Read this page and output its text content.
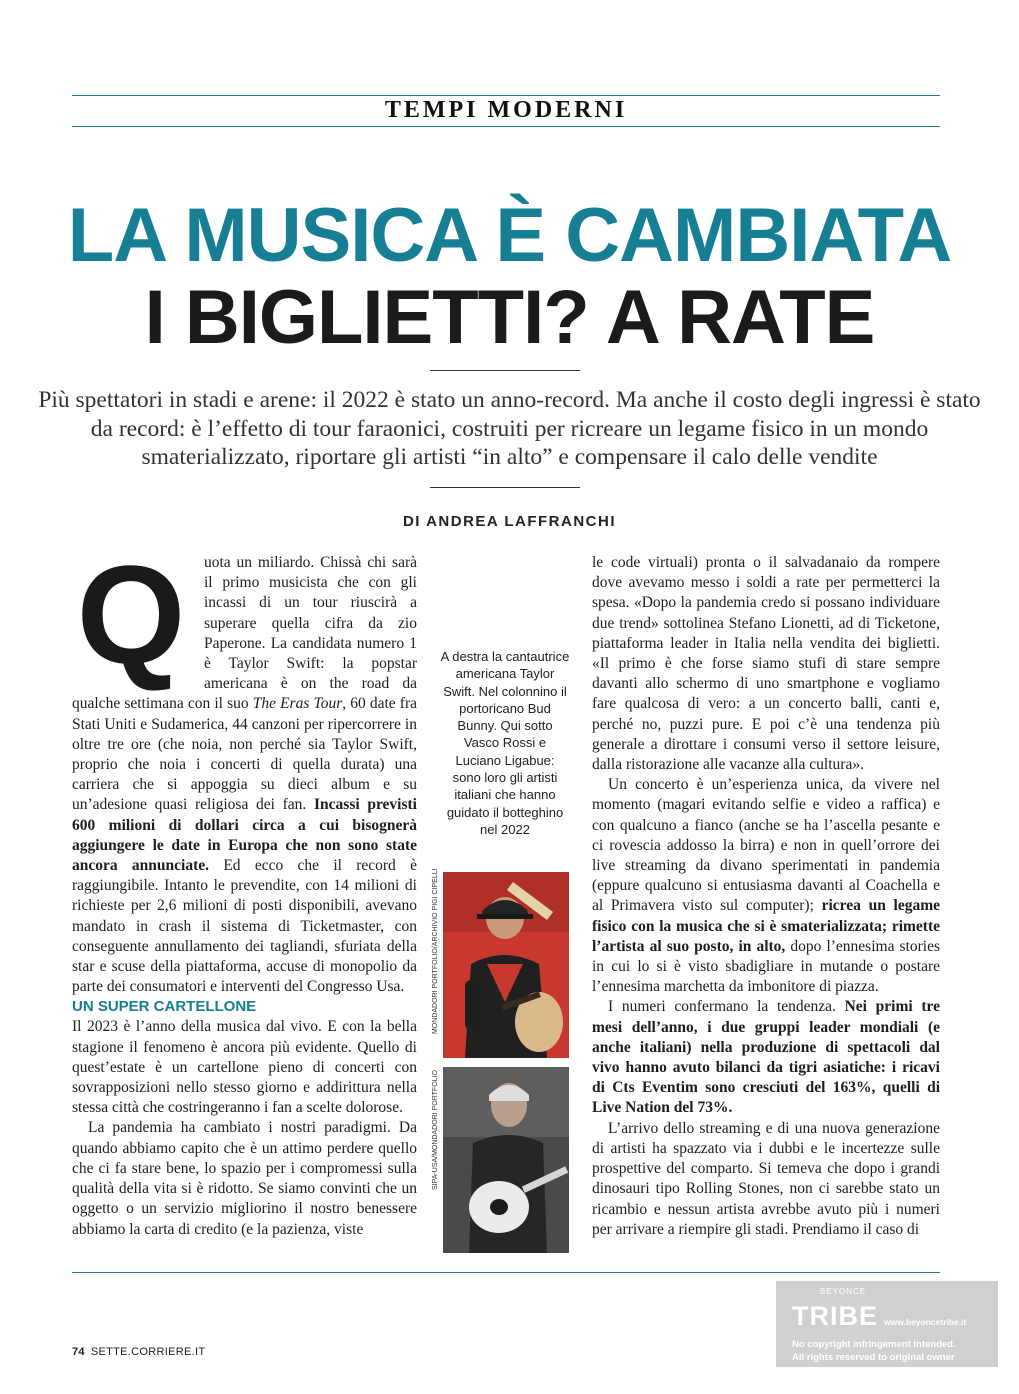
TEMPI MODERNI
LA MUSICA È CAMBIATA
I BIGLIETTI? A RATE
Più spettatori in stadi e arene: il 2022 è stato un anno-record. Ma anche il costo degli ingressi è stato da record: è l’effetto di tour faraonici, costruiti per ricreare un legame fisico in un mondo smaterializzato, riportare gli artisti “in alto” e compensare il calo delle vendite
DI ANDREA LAFFRANCHI

Q uota un miliardo. Chissà chi sarà il primo musicista che con gli incassi di un tour riuscirà a superare quella cifra da zio Paperone. La candidata numero 1 è Taylor Swift: la popstar americana è on the road da qualche settimana con il suo The Eras Tour, 60 date fra Stati Uniti e Sudamerica, 44 canzoni per ripercorrere in oltre tre ore (che noia, non perché sia Taylor Swift, proprio che noia i concerti di quella durata) una carriera che si appoggia su dieci album e su un’adesione quasi religiosa dei fan. Incassi previsti 600 milioni di dollari circa a cui bisognerà aggiungere le date in Europa che non sono state ancora annunciate. Ed ecco che il record è raggiungibile. Intanto le prevendite, con 14 milioni di richieste per 2,6 milioni di posti disponibili, avevano mandato in crash il sistema di Ticketmaster, con conseguente annullamento dei tagliandi, sfuriata della star e scuse della piattaforma, accuse di monopolio da parte dei consumatori e interventi del Congresso Usa.

UN SUPER CARTELLONE

Il 2023 è l’anno della musica dal vivo. E con la bella stagione il fenomeno è ancora più evidente. Quello di quest’estate è un cartellone pieno di concerti con sovrapposizioni nello stesso giorno e addirittura nella stessa città che costringeranno i fan a scelte dolorose.

La pandemia ha cambiato i nostri paradigmi. Da quando abbiamo capito che è un attimo perdere quello che ci fa stare bene, lo spazio per i compromessi sulla qualità della vita si è ridotto. Se siamo convinti che un oggetto o un servizio migliorino il nostro benessere abbiamo la carta di credito (e la pazienza, viste

A destra la cantautrice americana Taylor Swift. Nel colonnino il portoricano Bud Bunny. Qui sotto Vasco Rossi e Luciano Ligabue: sono loro gli artisti italiani che hanno guidato il botteghino nel 2022
MONDADORI PORTFOLIO/ARCHIVIO PIGI CIPELLI
SIPA-USA/MONDADORI PORTFOLIO

le code virtuali) pronta o il salvadanaio da rompere dove avevamo messo i soldi a rate per permetterci la spesa. «Dopo la pandemia credo si possano individuare due trend» sottolinea Stefano Lionetti, ad di Ticketone, piattaforma leader in Italia nella vendita dei biglietti. «Il primo è che forse siamo stufi di stare sempre davanti allo schermo di uno smartphone e vogliamo fare qualcosa di vero: a un concerto balli, canti e, perché no, puzzi pure. E poi c’è una tendenza più generale a dirottare i consumi verso il settore leisure, dalla ristorazione alle vacanze alla cultura».

Un concerto è un’esperienza unica, da vivere nel momento (magari evitando selfie e video a raffica) e con qualcuno a fianco (anche se ha l’ascella pesante e ci rovescia addosso la birra) e non in quell’orrore dei live streaming da divano sperimentati in pandemia (eppure qualcuno si entusiasma davanti al Coachella e al Primavera visto sul computer); ricrea un legame fisico con la musica che si è smaterializzata; rimette l’artista al suo posto, in alto, dopo l’ennesima stories in cui lo si è visto sbadigliare in mutande o postare l’ennesima marchetta da imbonitore di piazza.

I numeri confermano la tendenza. Nei primi tre mesi dell’anno, i due gruppi leader mondiali (e anche italiani) nella produzione di spettacoli dal vivo hanno avuto bilanci da tigri asiatiche: i ricavi di Cts Eventim sono cresciuti del 163%, quelli di Live Nation del 73%.

L’arrivo dello streaming e di una nuova generazione di artisti ha spazzato via i dubbi e le incertezze sulle prospettive del comparto. Si temeva che dopo i grandi dinosauri tipo Rolling Stones, non ci sarebbe stato un ricambio e nessun artista avrebbe avuto più i numeri per arrivare a riempire gli stadi. Prendiamo il caso di

74 SETTE.CORRIERE.IT
BEYONCE
TRIBE www.beyoncetribe.it
No copyright infringement intended.
All rights reserved to original owner
